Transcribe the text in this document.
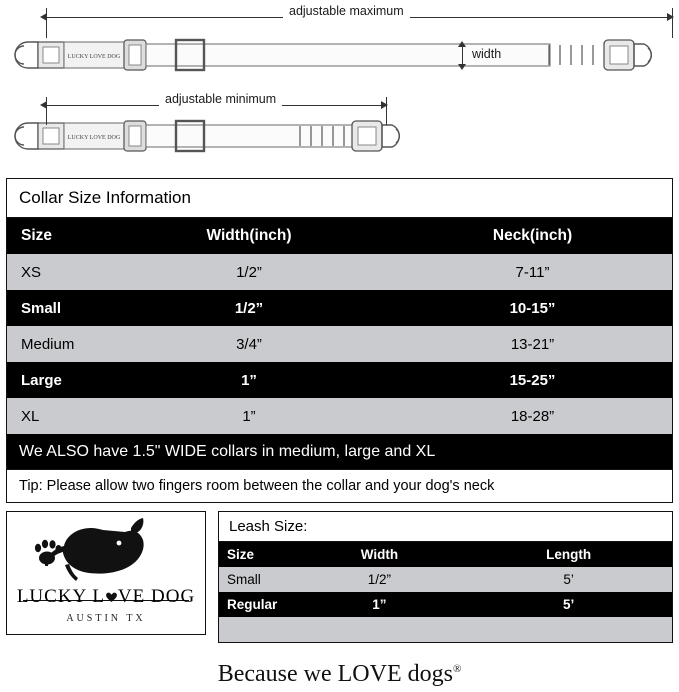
LUCKY LOVE DOG
LUCKY LOVE DOG
adjustable maximum
width
adjustable minimum
Collar Size Information
Size	Width(inch)	Neck(inch)
XS	1/2”	7-11”
Small	1/2”	10-15”
Medium	3/4”	13-21”
Large	1”	15-25”
XL	1”	18-28”
We ALSO have 1.5" WIDE collars in medium, large and XL
Tip: Please allow two fingers room between the collar and your dog's neck
LUCKY L VE DOG
AUSTIN TX
Leash Size:
Size	Width	Length
Small	1/2”	5’
Regular	1”	5’

Because we LOVE dogs®
